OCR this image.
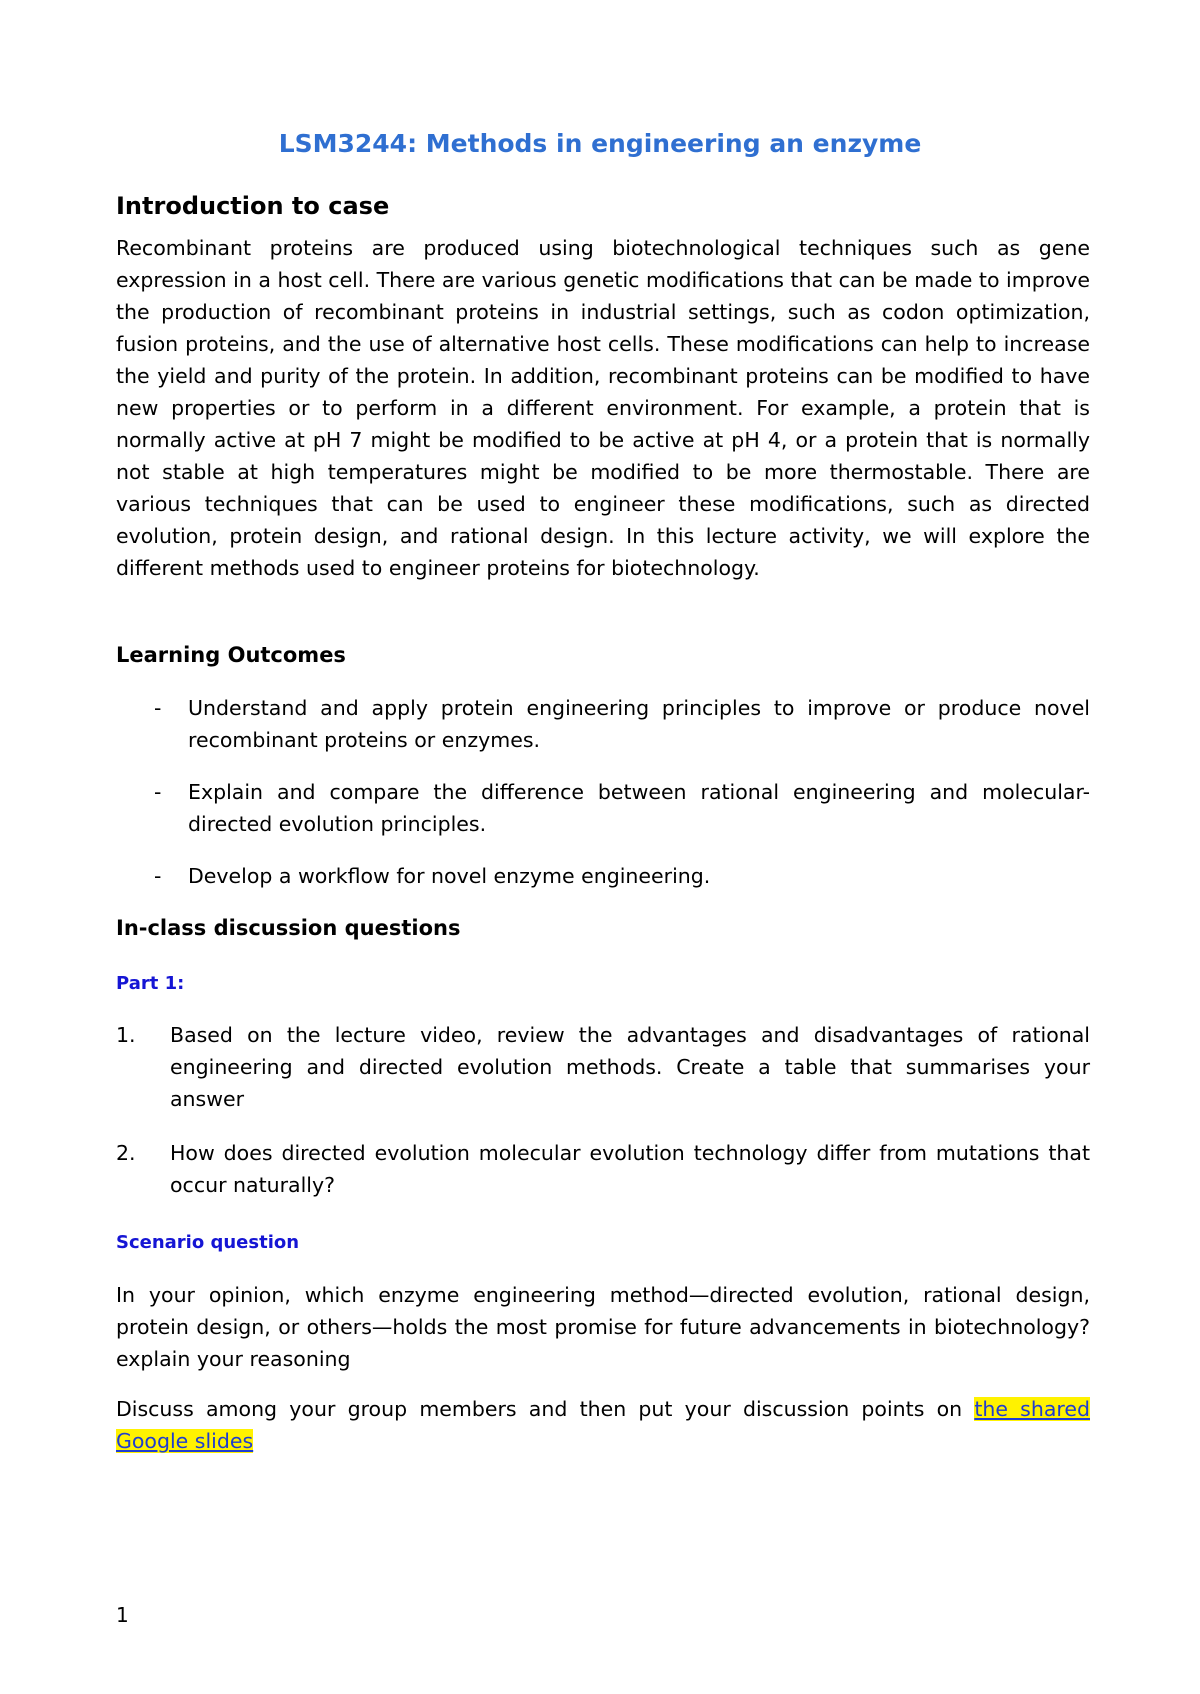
LSM3244: Methods in engineering an enzyme
Introduction to case

Recombinant proteins are produced using biotechnological techniques such as gene expression in a host cell. There are various genetic modifications that can be made to improve the production of recombinant proteins in industrial settings, such as codon optimization, fusion proteins, and the use of alternative host cells. These modifications can help to increase the yield and purity of the protein. In addition, recombinant proteins can be modified to have new properties or to perform in a different environment. For example, a protein that is normally active at pH 7 might be modified to be active at pH 4, or a protein that is normally not stable at high temperatures might be modified to be more thermostable. There are various techniques that can be used to engineer these modifications, such as directed evolution, protein design, and rational design. In this lecture activity, we will explore the different methods used to engineer proteins for biotechnology.

Learning Outcomes
- Understand and apply protein engineering principles to improve or produce novel recombinant proteins or enzymes.
- Explain and compare the difference between rational engineering and molecular-directed evolution principles.
- Develop a workflow for novel enzyme engineering.
In-class discussion questions
Part 1:
1. Based on the lecture video, review the advantages and disadvantages of rational engineering and directed evolution methods. Create a table that summarises your answer
2. How does directed evolution molecular evolution technology differ from mutations that occur naturally?
Scenario question

In your opinion, which enzyme engineering method—directed evolution, rational design, protein design, or others—holds the most promise for future advancements in biotechnology? explain your reasoning

Discuss among your group members and then put your discussion points on the shared Google slides

1
